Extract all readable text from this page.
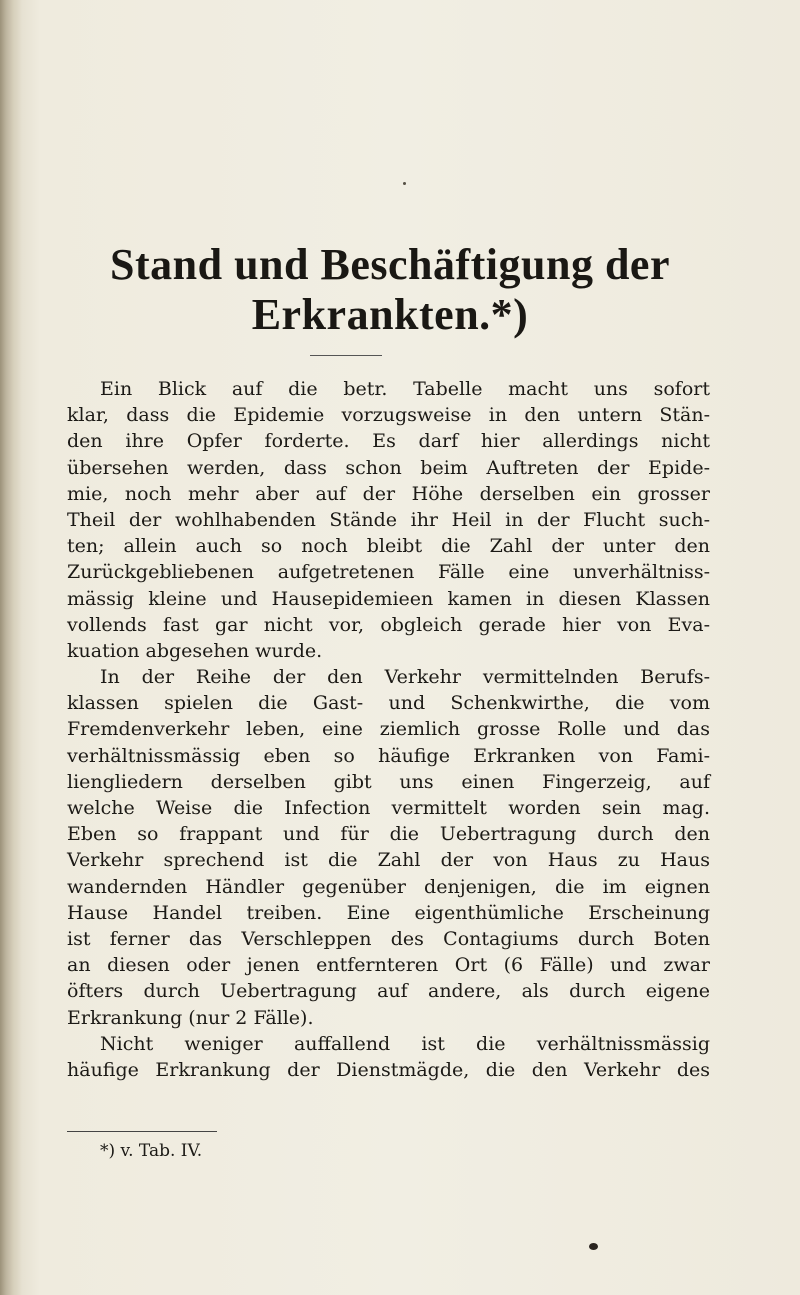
Stand und Beschäftigung der
Erkrankten.*)
Ein Blick auf die betr. Tabelle macht uns sofort
klar, dass die Epidemie vorzugsweise in den untern Stän-
den ihre Opfer forderte. Es darf hier allerdings nicht
übersehen werden, dass schon beim Auftreten der Epide-
mie, noch mehr aber auf der Höhe derselben ein grosser
Theil der wohlhabenden Stände ihr Heil in der Flucht such-
ten; allein auch so noch bleibt die Zahl der unter den
Zurückgebliebenen aufgetretenen Fälle eine unverhältniss-
mässig kleine und Hausepidemieen kamen in diesen Klassen
vollends fast gar nicht vor, obgleich gerade hier von Eva-
kuation abgesehen wurde.
In der Reihe der den Verkehr vermittelnden Berufs-
klassen spielen die Gast- und Schenkwirthe, die vom
Fremdenverkehr leben, eine ziemlich grosse Rolle und das
verhältnissmässig eben so häufige Erkranken von Fami-
liengliedern derselben gibt uns einen Fingerzeig, auf
welche Weise die Infection vermittelt worden sein mag.
Eben so frappant und für die Uebertragung durch den
Verkehr sprechend ist die Zahl der von Haus zu Haus
wandernden Händler gegenüber denjenigen, die im eignen
Hause Handel treiben. Eine eigenthümliche Erscheinung
ist ferner das Verschleppen des Contagiums durch Boten
an diesen oder jenen entfernteren Ort (6 Fälle) und zwar
öfters durch Uebertragung auf andere, als durch eigene
Erkrankung (nur 2 Fälle).
Nicht weniger auffallend ist die verhältnissmässig
häufige Erkrankung der Dienstmägde, die den Verkehr des
*) v. Tab. IV.
